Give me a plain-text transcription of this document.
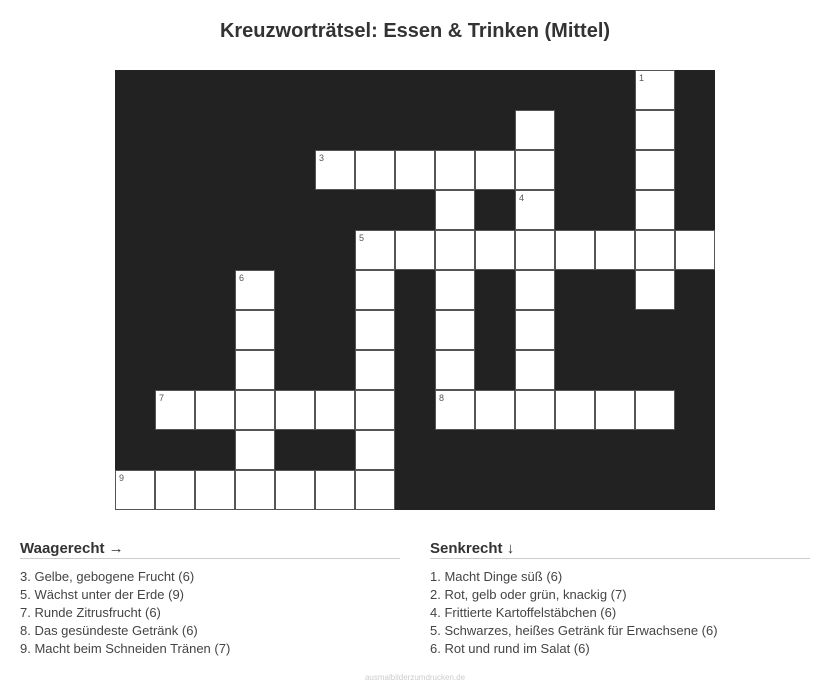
Kreuzworträtsel: Essen & Trinken (Mittel)
1
3
4
5
6
7	8
9
Waagerecht →
3. Gelbe, gebogene Frucht (6)
5. Wächst unter der Erde (9)
7. Runde Zitrusfrucht (6)
8. Das gesündeste Getränk (6)
9. Macht beim Schneiden Tränen (7)
Senkrecht ↓
1. Macht Dinge süß (6)
2. Rot, gelb oder grün, knackig (7)
4. Frittierte Kartoffelstäbchen (6)
5. Schwarzes, heißes Getränk für Erwachsene (6)
6. Rot und rund im Salat (6)
ausmalbilderzumdrucken.de
